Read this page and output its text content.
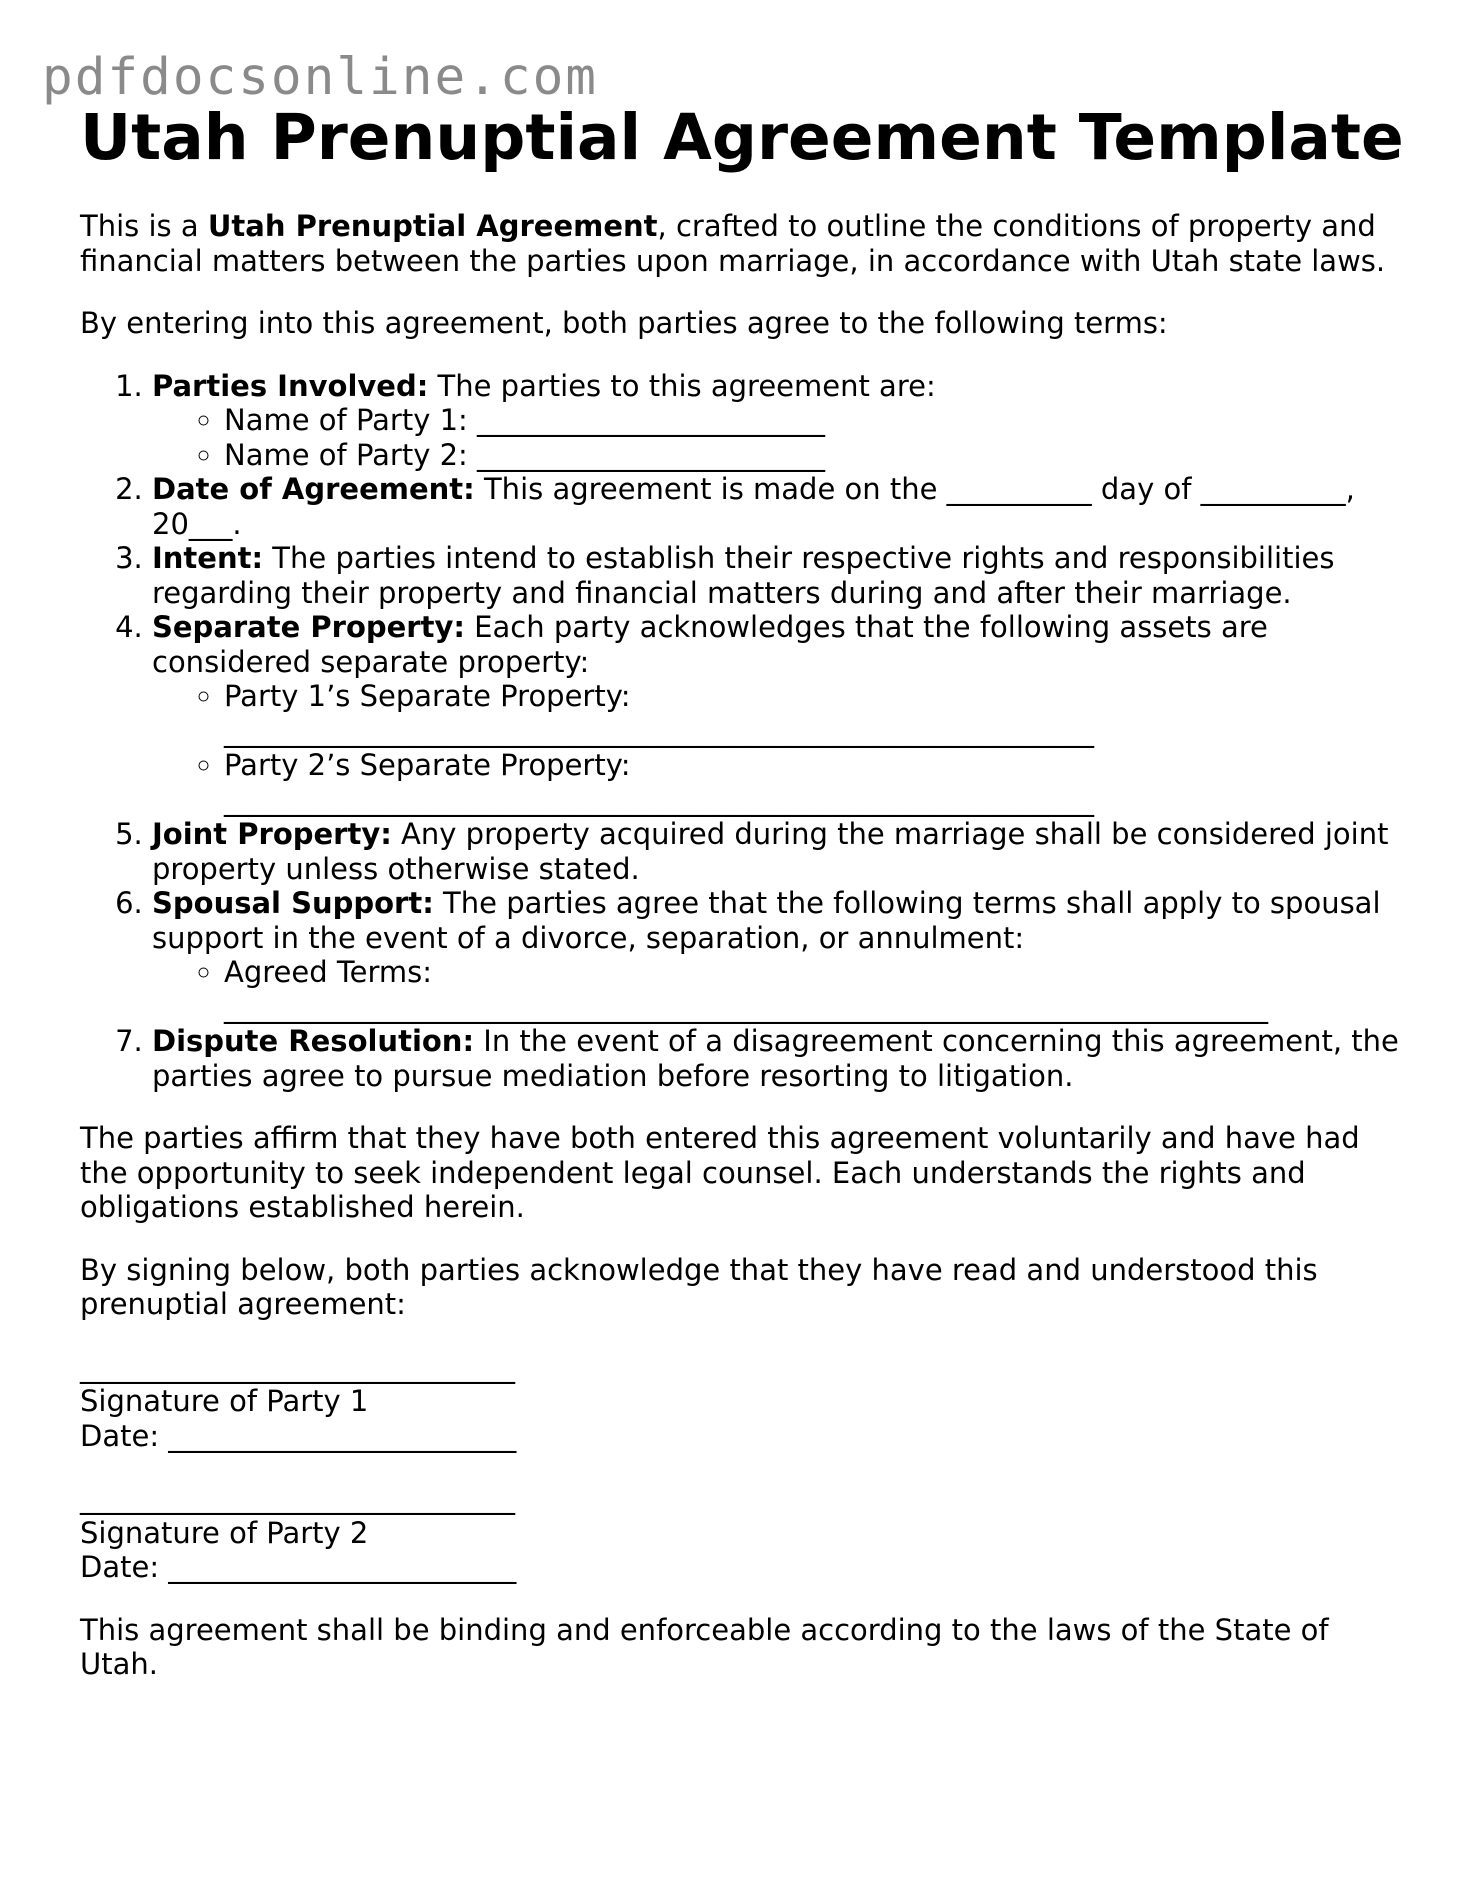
pdfdocsonline.com
Utah Prenuptial Agreement Template

This is a Utah Prenuptial Agreement, crafted to outline the conditions of property and financial matters between the parties upon marriage, in accordance with Utah state laws.

By entering into this agreement, both parties agree to the following terms:

1. Parties Involved: The parties to this agreement are:
◦ Name of Party 1: ________________________
◦ Name of Party 2: ________________________
2. Date of Agreement: This agreement is made on the __________ day of __________, 20___.
3. Intent: The parties intend to establish their respective rights and responsibilities regarding their property and financial matters during and after their marriage.
4. Separate Property: Each party acknowledges that the following assets are considered separate property:
◦ Party 1’s Separate Property:
____________________________________________________________
◦ Party 2’s Separate Property:
____________________________________________________________
5. Joint Property: Any property acquired during the marriage shall be considered joint property unless otherwise stated.
6. Spousal Support: The parties agree that the following terms shall apply to spousal support in the event of a divorce, separation, or annulment:
◦ Agreed Terms:
________________________________________________________________________
7. Dispute Resolution: In the event of a disagreement concerning this agreement, the parties agree to pursue mediation before resorting to litigation.

The parties affirm that they have both entered this agreement voluntarily and have had the opportunity to seek independent legal counsel. Each understands the rights and obligations established herein.

By signing below, both parties acknowledge that they have read and understood this prenuptial agreement:

______________________________
Signature of Party 1
Date: ________________________
______________________________
Signature of Party 2
Date: ________________________

This agreement shall be binding and enforceable according to the laws of the State of Utah.
